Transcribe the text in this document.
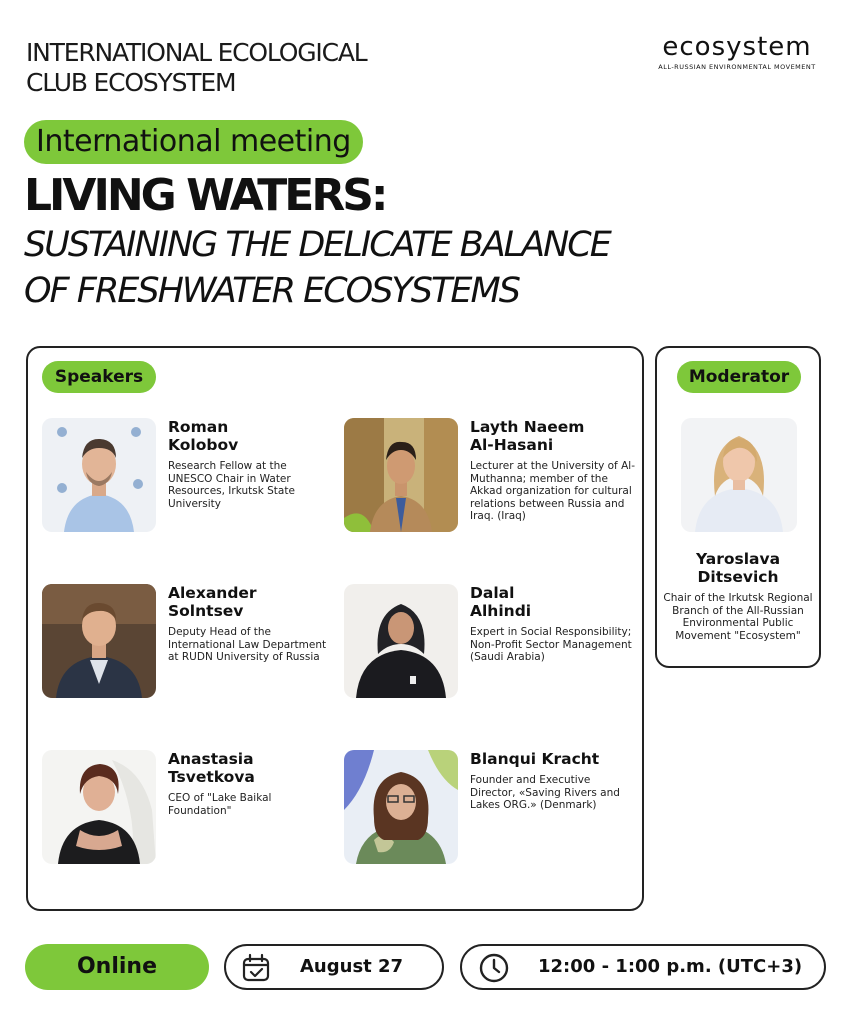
INTERNATIONAL ECOLOGICAL
CLUB ECOSYSTEM
ecosystem
ALL-RUSSIAN ENVIRONMENTAL MOVEMENT
International meeting
LIVING WATERS:
SUSTAINING THE DELICATE BALANCE
OF FRESHWATER ECOSYSTEMS
Speakers
Roman
Kolobov
Research Fellow at the UNESCO Chair in Water Resources, Irkutsk State University
Layth Naeem
Al-Hasani
Lecturer at the University of Al-Muthanna; member of the Akkad organization for cultural relations between Russia and Iraq. (Iraq)
Alexander
Solntsev
Deputy Head of the International Law Department at RUDN University of Russia
Dalal
Alhindi
Expert in Social Responsibility; Non-Profit Sector Management (Saudi Arabia)
Anastasia
Tsvetkova
CEO of "Lake Baikal Foundation"
Blanqui Kracht
Founder and Executive Director, «Saving Rivers and Lakes ORG.» (Denmark)
Moderator
Yaroslava
Ditsevich
Chair of the Irkutsk Regional Branch of the All-Russian Environmental Public Movement "Ecosystem"
Online	August 27	12:00 - 1:00 p.m. (UTC+3)
